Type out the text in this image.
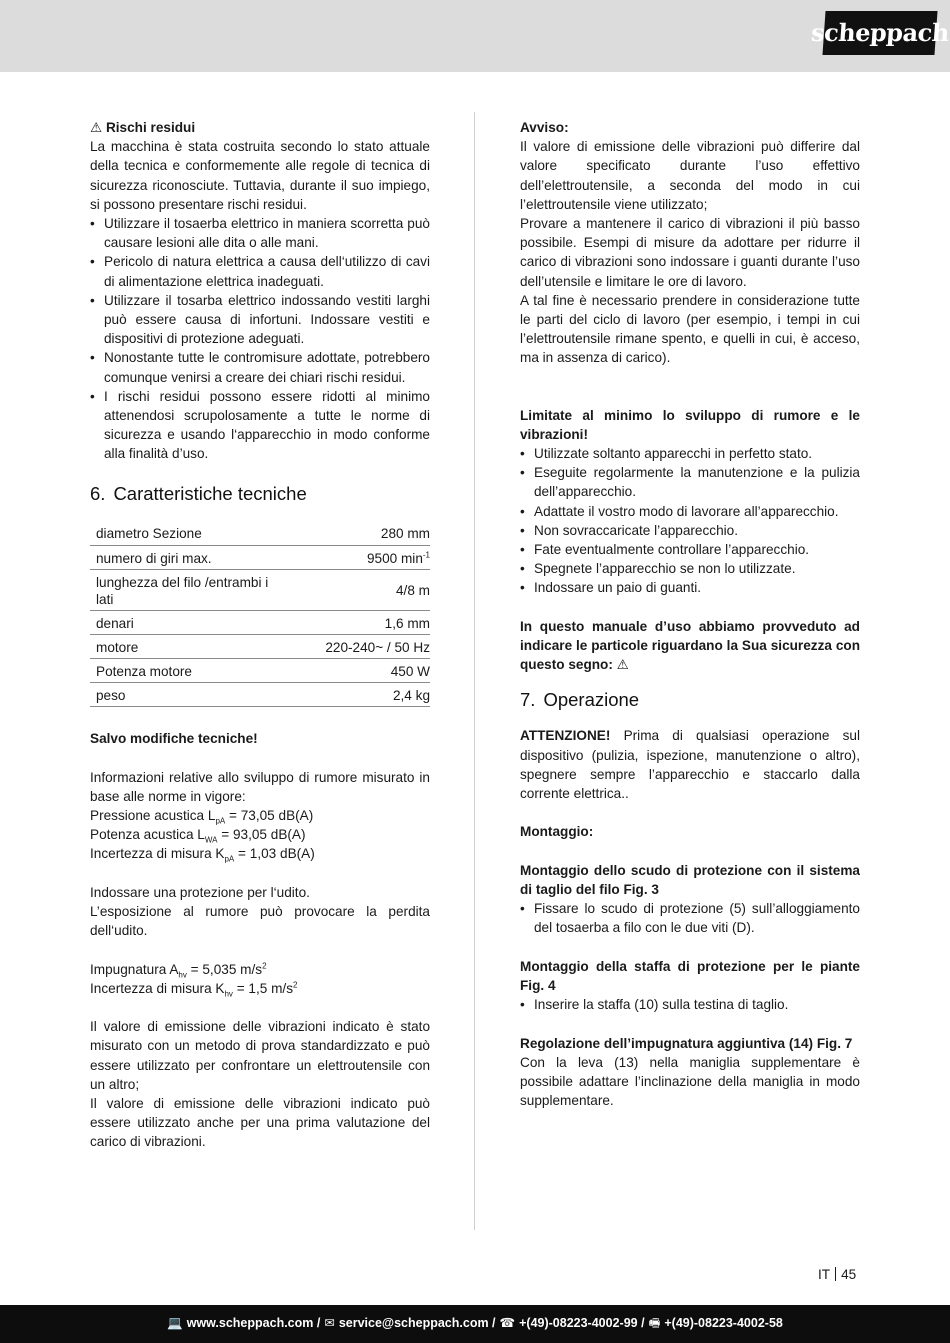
scheppach

⚠ Rischi residui

La macchina è stata costruita secondo lo stato attuale della tecnica e conformemente alle regole di tecnica di sicurezza riconosciute. Tuttavia, durante il suo impiego, si possono presentare rischi residui.

• Utilizzare il tosaerba elettrico in maniera scorretta può causare lesioni alle dita o alle mani.
• Pericolo di natura elettrica a causa dell‘utilizzo di cavi di alimentazione elettrica inadeguati.
• Utilizzare il tosarba elettrico indossando vestiti larghi può essere causa di infortuni. Indossare vestiti e dispositivi di protezione adeguati.
• Nonostante tutte le contromisure adottate, potrebbero comunque venirsi a creare dei chiari rischi residui.
• I rischi residui possono essere ridotti al minimo attenendosi scrupolosamente a tutte le norme di sicurezza e usando l‘apparecchio in modo conforme alla finalità d’uso.
6. Caratteristiche tecniche
diametro Sezione	280 mm
numero di giri max.	9500 $\min^{-1}$
lunghezza del filo /entrambi i lati	4/8 m
denari	1,6 mm
motore	220-240~ / 50 Hz
Potenza motore	450 W
peso	2,4 kg

Salvo modifiche tecniche!

Informazioni relative allo sviluppo di rumore misurato in base alle norme in vigore:

Pressione acustica $L_{pA} = 73,05$ dB(A)

Potenza acustica $L_{WA} = 93,05$ dB(A)

Incertezza di misura $K_{pA} = 1,03$ dB(A)

Indossare una protezione per l‘udito.

L’esposizione al rumore può provocare la perdita dell‘udito.

Impugnatura $A_{hv} = 5,035$ $m/s^2$

Incertezza di misura $K_{hv} = 1,5$ $m/s^2$

Il valore di emissione delle vibrazioni indicato è stato misurato con un metodo di prova standardizzato e può essere utilizzato per confrontare un elettroutensile con un altro;

Il valore di emissione delle vibrazioni indicato può essere utilizzato anche per una prima valutazione del carico di vibrazioni.

Avviso:

Il valore di emissione delle vibrazioni può differire dal valore specificato durante l’uso effettivo dell’elettroutensile, a seconda del modo in cui l’elettroutensile viene utilizzato;

Provare a mantenere il carico di vibrazioni il più basso possibile. Esempi di misure da adottare per ridurre il carico di vibrazioni sono indossare i guanti durante l’uso dell’utensile e limitare le ore di lavoro.

A tal fine è necessario prendere in considerazione tutte le parti del ciclo di lavoro (per esempio, i tempi in cui l’elettroutensile rimane spento, e quelli in cui, è acceso, ma in assenza di carico).

Limitate al minimo lo sviluppo di rumore e le vibrazioni!

• Utilizzate soltanto apparecchi in perfetto stato.
• Eseguite regolarmente la manutenzione e la pulizia dell’apparecchio.
• Adattate il vostro modo di lavorare all’apparecchio.
• Non sovraccaricate l’apparecchio.
• Fate eventualmente controllare l’apparecchio.
• Spegnete l’apparecchio se non lo utilizzate.
• Indossare un paio di guanti.

In questo manuale d’uso abbiamo provveduto ad indicare le particole riguardano la Sua sicurezza con questo segno: ⚠

7. Operazione

ATTENZIONE! Prima di qualsiasi operazione sul dispositivo (pulizia, ispezione, manutenzione o altro), spegnere sempre l’apparecchio e staccarlo dalla corrente elettrica..

Montaggio:

Montaggio dello scudo di protezione con il sistema di taglio del filo Fig. 3

• Fissare lo scudo di protezione (5) sull’alloggiamento del tosaerba a filo con le due viti (D).

Montaggio della staffa di protezione per le piante Fig. 4

• Inserire la staffa (10) sulla testina di taglio.

Regolazione dell’impugnatura aggiuntiva (14) Fig. 7

Con la leva (13) nella maniglia supplementare è possibile adattare l’inclinazione della maniglia in modo supplementare.

IT 45
💻 www.scheppach.com / ✉ service@scheppach.com / ☎ +(49)-08223-4002-99 / 🖷 +(49)-08223-4002-58
